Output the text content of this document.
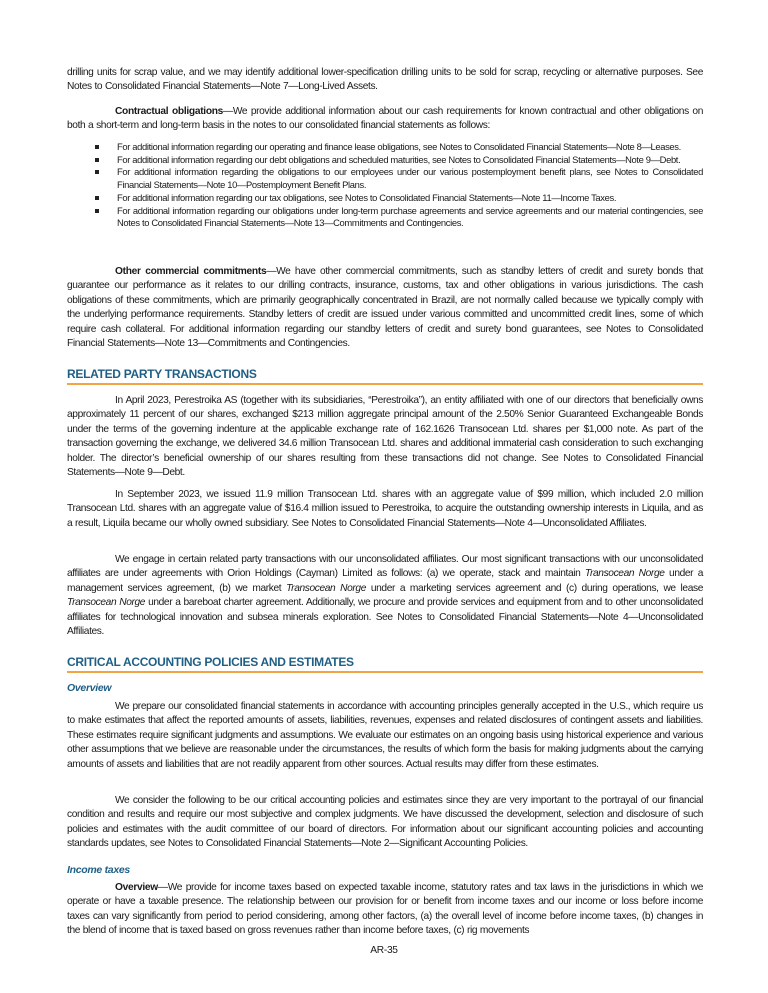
drilling units for scrap value, and we may identify additional lower-specification drilling units to be sold for scrap, recycling or alternative purposes. See Notes to Consolidated Financial Statements—Note 7—Long-Lived Assets.

Contractual obligations—We provide additional information about our cash requirements for known contractual and other obligations on both a short-term and long-term basis in the notes to our consolidated financial statements as follows:

For additional information regarding our operating and finance lease obligations, see Notes to Consolidated Financial Statements—Note 8—Leases.
For additional information regarding our debt obligations and scheduled maturities, see Notes to Consolidated Financial Statements—Note 9—Debt.
For additional information regarding the obligations to our employees under our various postemployment benefit plans, see Notes to Consolidated Financial Statements—Note 10—Postemployment Benefit Plans.
For additional information regarding our tax obligations, see Notes to Consolidated Financial Statements—Note 11—Income Taxes.
For additional information regarding our obligations under long-term purchase agreements and service agreements and our material contingencies, see Notes to Consolidated Financial Statements—Note 13—Commitments and Contingencies.

Other commercial commitments—We have other commercial commitments, such as standby letters of credit and surety bonds that guarantee our performance as it relates to our drilling contracts, insurance, customs, tax and other obligations in various jurisdictions. The cash obligations of these commitments, which are primarily geographically concentrated in Brazil, are not normally called because we typically comply with the underlying performance requirements. Standby letters of credit are issued under various committed and uncommitted credit lines, some of which require cash collateral. For additional information regarding our standby letters of credit and surety bond guarantees, see Notes to Consolidated Financial Statements—Note 13—Commitments and Contingencies.

RELATED PARTY TRANSACTIONS

In April 2023, Perestroika AS (together with its subsidiaries, “Perestroika”), an entity affiliated with one of our directors that beneficially owns approximately 11 percent of our shares, exchanged $213 million aggregate principal amount of the 2.50% Senior Guaranteed Exchangeable Bonds under the terms of the governing indenture at the applicable exchange rate of 162.1626 Transocean Ltd. shares per $1,000 note. As part of the transaction governing the exchange, we delivered 34.6 million Transocean Ltd. shares and additional immaterial cash consideration to such exchanging holder. The director’s beneficial ownership of our shares resulting from these transactions did not change. See Notes to Consolidated Financial Statements—Note 9—Debt.

In September 2023, we issued 11.9 million Transocean Ltd. shares with an aggregate value of $99 million, which included 2.0 million Transocean Ltd. shares with an aggregate value of $16.4 million issued to Perestroika, to acquire the outstanding ownership interests in Liquila, and as a result, Liquila became our wholly owned subsidiary. See Notes to Consolidated Financial Statements—Note 4—Unconsolidated Affiliates.

We engage in certain related party transactions with our unconsolidated affiliates. Our most significant transactions with our unconsolidated affiliates are under agreements with Orion Holdings (Cayman) Limited as follows: (a) we operate, stack and maintain Transocean Norge under a management services agreement, (b) we market Transocean Norge under a marketing services agreement and (c) during operations, we lease Transocean Norge under a bareboat charter agreement. Additionally, we procure and provide services and equipment from and to other unconsolidated affiliates for technological innovation and subsea minerals exploration. See Notes to Consolidated Financial Statements—Note 4—Unconsolidated Affiliates.

CRITICAL ACCOUNTING POLICIES AND ESTIMATES
Overview

We prepare our consolidated financial statements in accordance with accounting principles generally accepted in the U.S., which require us to make estimates that affect the reported amounts of assets, liabilities, revenues, expenses and related disclosures of contingent assets and liabilities. These estimates require significant judgments and assumptions. We evaluate our estimates on an ongoing basis using historical experience and various other assumptions that we believe are reasonable under the circumstances, the results of which form the basis for making judgments about the carrying amounts of assets and liabilities that are not readily apparent from other sources. Actual results may differ from these estimates.

We consider the following to be our critical accounting policies and estimates since they are very important to the portrayal of our financial condition and results and require our most subjective and complex judgments. We have discussed the development, selection and disclosure of such policies and estimates with the audit committee of our board of directors. For information about our significant accounting policies and accounting standards updates, see Notes to Consolidated Financial Statements—Note 2—Significant Accounting Policies.

Income taxes

Overview—We provide for income taxes based on expected taxable income, statutory rates and tax laws in the jurisdictions in which we operate or have a taxable presence. The relationship between our provision for or benefit from income taxes and our income or loss before income taxes can vary significantly from period to period considering, among other factors, (a) the overall level of income before income taxes, (b) changes in the blend of income that is taxed based on gross revenues rather than income before taxes, (c) rig movements

AR-35
